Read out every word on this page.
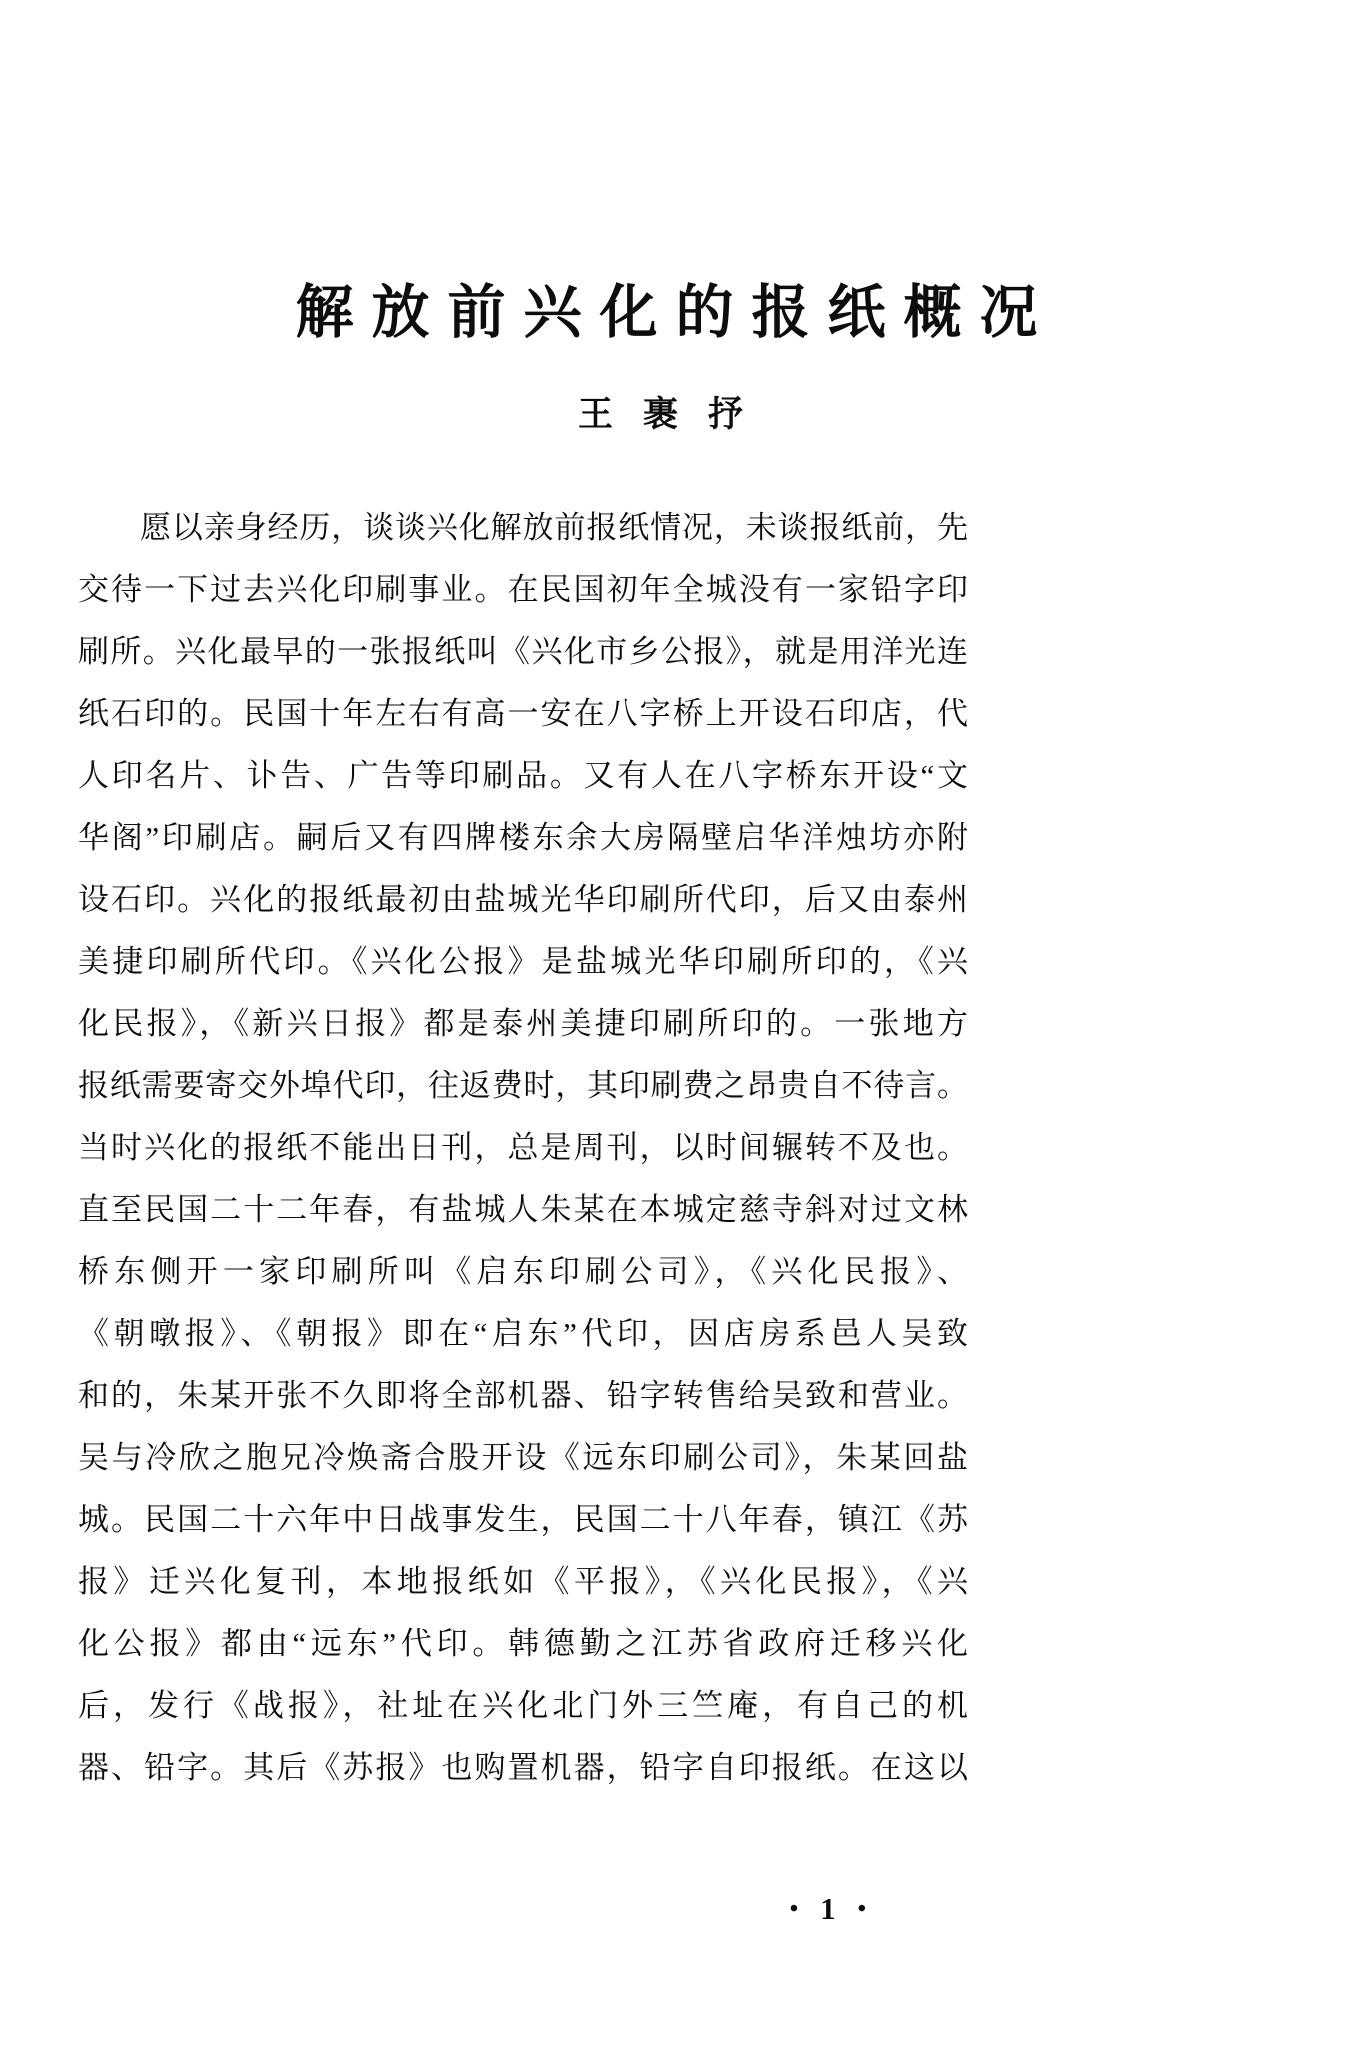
解放前兴化的报纸概况
王裹抒
愿以亲身经历，谈谈兴化解放前报纸情况，未谈报纸前，先
交待一下过去兴化印刷事业。在民国初年全城没有一家铅字印
刷所。兴化最早的一张报纸叫《兴化市乡公报》，就是用洋光连
纸石印的。民国十年左右有高一安在八字桥上开设石印店，代
人印名片、讣告、广告等印刷品。又有人在八字桥东开设“文
华阁”印刷店。嗣后又有四牌楼东余大房隔壁启华洋烛坊亦附
设石印。兴化的报纸最初由盐城光华印刷所代印，后又由泰州
美捷印刷所代印。《兴化公报》是盐城光华印刷所印的，《兴
化民报》，《新兴日报》都是泰州美捷印刷所印的。一张地方
报纸需要寄交外埠代印，往返费时，其印刷费之昂贵自不待言。
当时兴化的报纸不能出日刊，总是周刊，以时间辗转不及也。
直至民国二十二年春，有盐城人朱某在本城定慈寺斜对过文林
桥东侧开一家印刷所叫《启东印刷公司》，《兴化民报》、
《朝暾报》、《朝报》即在“启东”代印，因店房系邑人吴致
和的，朱某开张不久即将全部机器、铅字转售给吴致和营业。
吴与冷欣之胞兄冷焕斋合股开设《远东印刷公司》，朱某回盐
城。民国二十六年中日战事发生，民国二十八年春，镇江《苏
报》迁兴化复刊，本地报纸如《平报》，《兴化民报》，《兴
化公报》都由“远东”代印。韩德勤之江苏省政府迁移兴化
后，发行《战报》，社址在兴化北门外三竺庵，有自己的机
器、铅字。其后《苏报》也购置机器，铅字自印报纸。在这以
• 1 •
